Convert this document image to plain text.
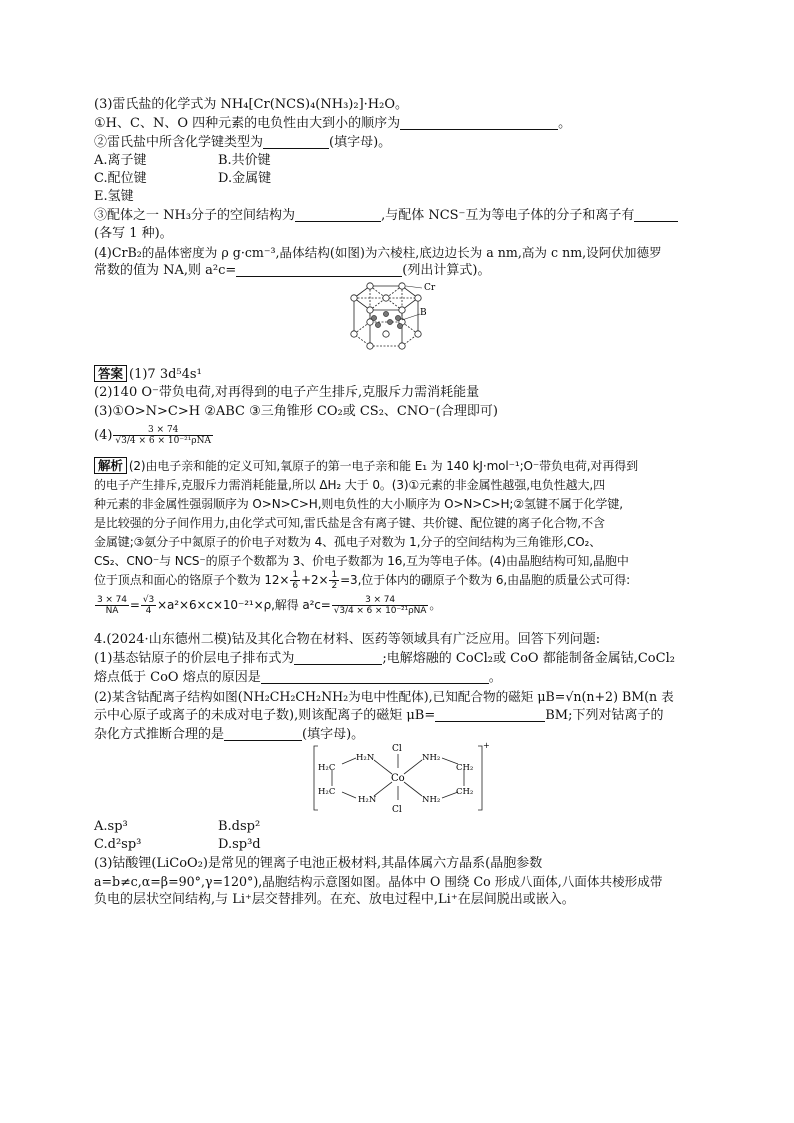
(3)雷氏盐的化学式为 NH₄[Cr(NCS)₄(NH₃)₂]·H₂O。
①H、C、N、O 四种元素的电负性由大到小的顺序为	。
②雷氏盐中所含化学键类型为	(填字母)。
A.离子键	B.共价键
C.配位键	D.金属键
E.氢键
③配体之一 NH₃分子的空间结构为	,与配体 NCS⁻互为等电子体的分子和离子有
(各写 1 种)。
(4)CrB₂的晶体密度为 ρ g·cm⁻³,晶体结构(如图)为六棱柱,底边边长为 a nm,高为 c nm,设阿伏加德罗
常数的值为 NA,则 a²c=	(列出计算式)。
Cr
B
答案 (1)7 3d⁵4s¹
(2)140 O⁻带负电荷,对再得到的电子产生排斥,克服斥力需消耗能量
(3)①O>N>C>H ②ABC ③三角锥形 CO₂或 CS₂、CNO⁻(合理即可)
$(4) \frac{3 \times 74}{\text{√3/4 × 6 × 10⁻²¹ρNA}}$
解析 (2)由电子亲和能的定义可知,氧原子的第一电子亲和能 E₁ 为 140 kJ·mol⁻¹;O⁻带负电荷,对再得到
的电子产生排斥,克服斥力需消耗能量,所以 ΔH₂ 大于 0。(3)①元素的非金属性越强,电负性越大,四
种元素的非金属性强弱顺序为 O>N>C>H,则电负性的大小顺序为 O>N>C>H;②氢键不属于化学键,
是比较强的分子间作用力,由化学式可知,雷氏盐是含有离子键、共价键、配位键的离子化合物,不含
金属键;③氨分子中氮原子的价电子对数为 4、孤电子对数为 1,分子的空间结构为三角锥形,CO₂、
CS₂、CNO⁻与 NCS⁻的原子个数都为 3、价电子数都为 16,互为等电子体。(4)由晶胞结构可知,晶胞中
位于顶点和面心的铬原子个数为 $12\times \frac{1}{6} +2\times \frac{1}{2} =3$,位于体内的硼原子个数为 6,由晶胞的质量公式可得:
$\frac{3 \times 74}{NA} = \frac{√3}{4} \times a^2\times 6\times c\times 10^{-21}\times\rho$,解得 $a^2c= \frac{3 \times 74}{\text{√3/4 × 6 × 10⁻²¹ρNA}}$ 。
4.(2024·山东德州二模)钴及其化合物在材料、医药等领域具有广泛应用。回答下列问题:
(1)基态钴原子的价层电子排布式为	;电解熔融的 CoCl₂或 CoO 都能制备金属钴,CoCl₂
熔点低于 CoO 熔点的原因是	。
(2)某含钴配离子结构如图(NH₂CH₂CH₂NH₂为电中性配体),已知配合物的磁矩 μB=√n(n+2) BM(n 表
示中心原子或离子的未成对电子数),则该配离子的磁矩 μB=	BM;下列对钴离子的
杂化方式推断合理的是	(填字母)。
Cl
Cl
Co
H₂N
H₂N
NH₂
NH₂
H₂C
H₂C
CH₂
CH₂
+
A.sp³	B.dsp²
C.d²sp³	D.sp³d
(3)钴酸锂(LiCoO₂)是常见的锂离子电池正极材料,其晶体属六方晶系(晶胞参数
a=b≠c,α=β=90°,γ=120°),晶胞结构示意图如图。晶体中 O 围绕 Co 形成八面体,八面体共棱形成带
负电的层状空间结构,与 Li⁺层交替排列。在充、放电过程中,Li⁺在层间脱出或嵌入。
